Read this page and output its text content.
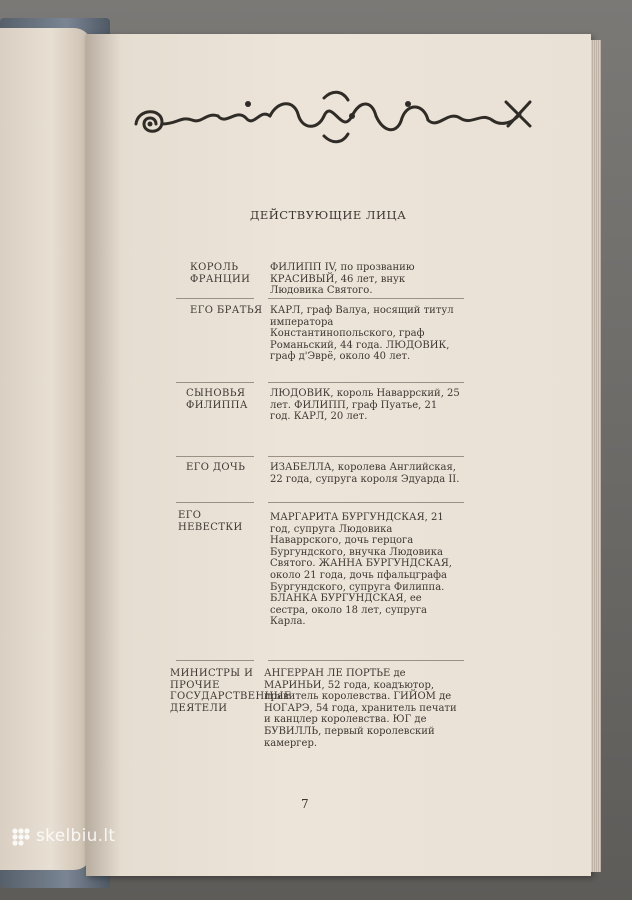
ДЕЙСТВУЮЩИЕ ЛИЦА
КОРОЛЬ ФРАНЦИИ
ФИЛИПП IV, по прозванию КРАСИВЫЙ, 46 лет, внук Людовика Святого.
ЕГО БРАТЬЯ КАРЛ, граф Валуа, носящий титул императора Константинопольского, граф Романьский, 44 года. ЛЮДОВИК, граф д'Эврё, около 40 лет.
СЫНОВЬЯ ФИЛИППА
ЛЮДОВИК, король Наваррский, 25 лет. ФИЛИПП, граф Пуатье, 21 год. КАРЛ, 20 лет.
ЕГО ДОЧЬ	ИЗАБЕЛЛА, королева Английская, 22 года, супруга короля Эдуарда II.
ЕГО НЕВЕСТКИ
МАРГАРИТА БУРГУНДСКАЯ, 21 год, супруга Людовика Наваррского, дочь герцога Бургундского, внучка Людовика Святого. ЖАННА БУРГУНДСКАЯ, около 21 года, дочь пфальцграфа Бургундского, супруга Филиппа. БЛАНКА БУРГУНДСКАЯ, ее сестра, около 18 лет, супруга Карла.
МИНИСТРЫ И ПРОЧИЕ ГОСУДАРСТВЕННЫЕ ДЕЯТЕЛИ
АНГЕРРАН ЛЕ ПОРТЬЕ де МАРИНЬИ, 52 года, коадъютор, правитель королевства. ГИЙОМ де НОГАРЭ, 54 года, хранитель печати и канцлер королевства. ЮГ де БУВИЛЛЬ, первый королевский камергер.
7
skelbiu.lt
